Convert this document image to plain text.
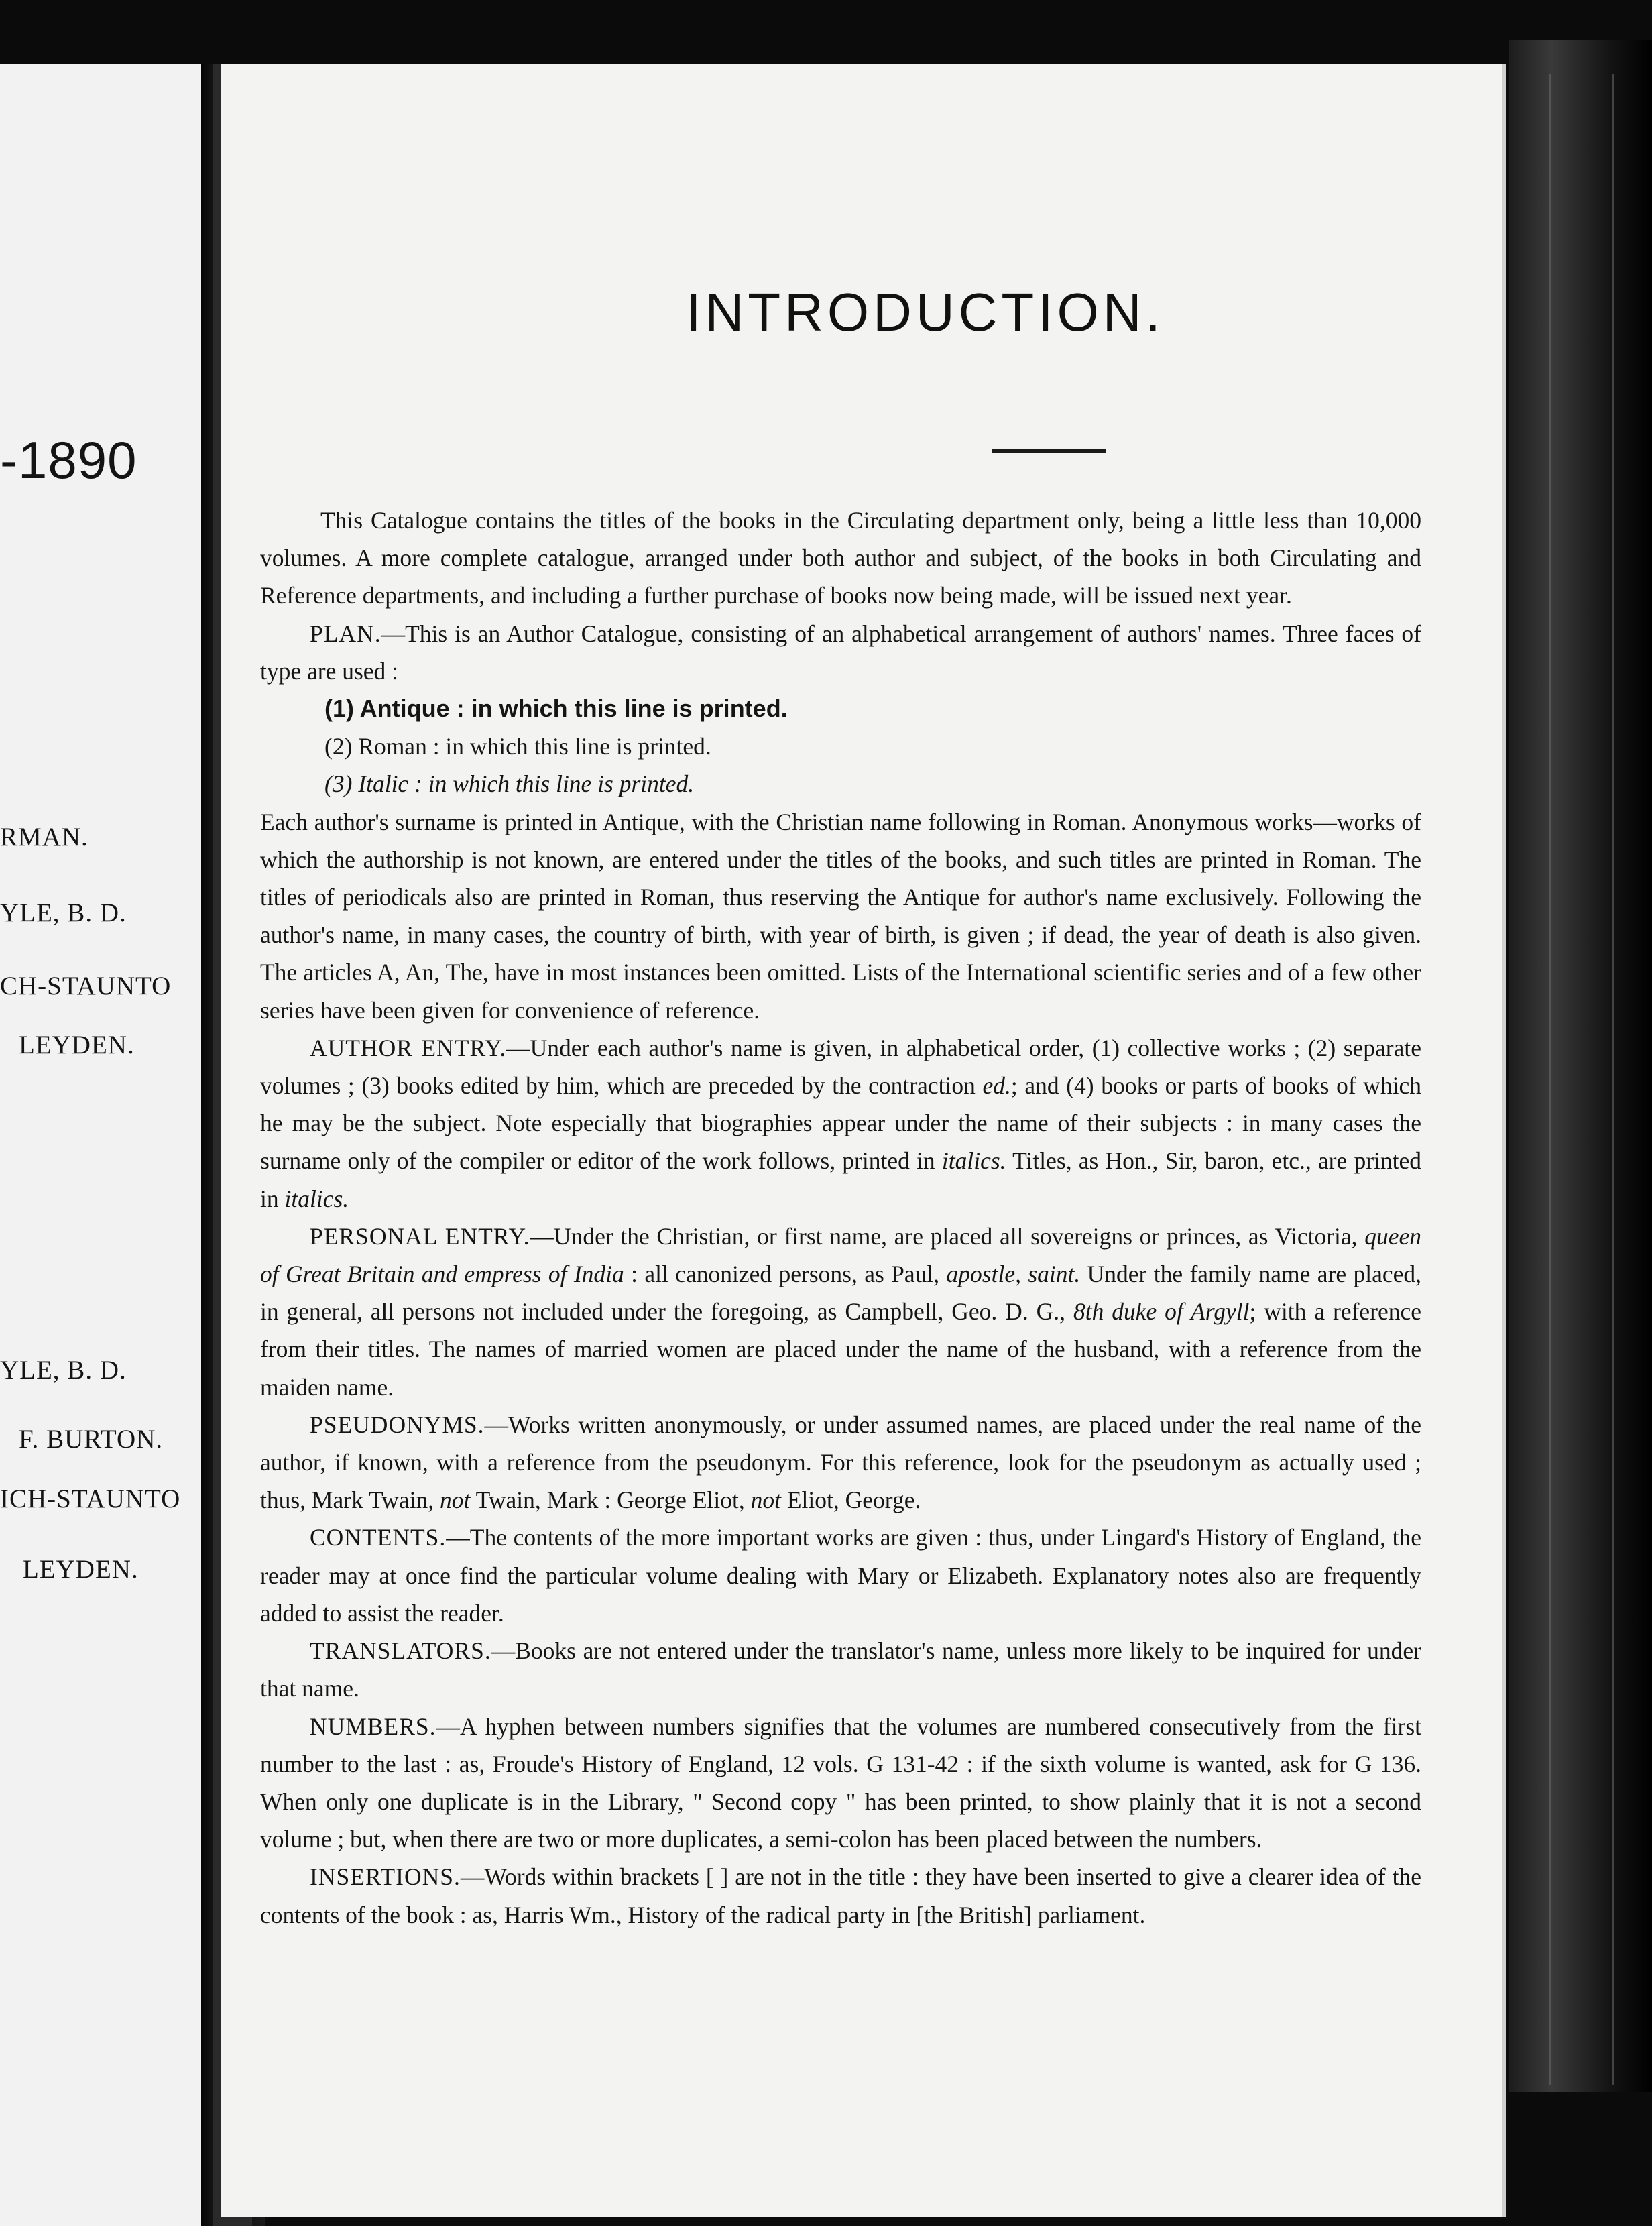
-1890
RMAN.
YLE, B. D.
CH-STAUNTO
LEYDEN.
YLE, B. D.
F. BURTON.
ICH-STAUNTO
LEYDEN.
INTRODUCTION.

This Catalogue contains the titles of the books in the Circulating department only, being a little less than 10,000 volumes. A more complete catalogue, arranged under both author and subject, of the books in both Circulating and Reference departments, and including a further purchase of books now being made, will be issued next year.

PLAN.—This is an Author Catalogue, consisting of an alphabetical arrangement of authors' names. Three faces of type are used :

(1) Antique : in which this line is printed.
(2) Roman : in which this line is printed.
(3) Italic : in which this line is printed.

Each author's surname is printed in Antique, with the Christian name following in Roman. Anonymous works—works of which the authorship is not known, are entered under the titles of the books, and such titles are printed in Roman. The titles of periodicals also are printed in Roman, thus reserving the Antique for author's name exclusively. Following the author's name, in many cases, the country of birth, with year of birth, is given ; if dead, the year of death is also given. The articles A, An, The, have in most instances been omitted. Lists of the International scientific series and of a few other series have been given for convenience of reference.

AUTHOR ENTRY.—Under each author's name is given, in alphabetical order, (1) collective works ; (2) separate volumes ; (3) books edited by him, which are preceded by the contraction ed.; and (4) books or parts of books of which he may be the subject. Note especially that biographies appear under the name of their subjects : in many cases the surname only of the compiler or editor of the work follows, printed in italics. Titles, as Hon., Sir, baron, etc., are printed in italics.

PERSONAL ENTRY.—Under the Christian, or first name, are placed all sovereigns or princes, as Victoria, queen of Great Britain and empress of India : all canonized persons, as Paul, apostle, saint. Under the family name are placed, in general, all persons not included under the foregoing, as Campbell, Geo. D. G., 8th duke of Argyll; with a reference from their titles. The names of married women are placed under the name of the husband, with a reference from the maiden name.

PSEUDONYMS.—Works written anonymously, or under assumed names, are placed under the real name of the author, if known, with a reference from the pseudonym. For this reference, look for the pseudonym as actually used ; thus, Mark Twain, not Twain, Mark : George Eliot, not Eliot, George.

CONTENTS.—The contents of the more important works are given : thus, under Lingard's History of England, the reader may at once find the particular volume dealing with Mary or Elizabeth. Explanatory notes also are frequently added to assist the reader.

TRANSLATORS.—Books are not entered under the translator's name, unless more likely to be inquired for under that name.

NUMBERS.—A hyphen between numbers signifies that the volumes are numbered consecutively from the first number to the last : as, Froude's History of England, 12 vols. G 131-42 : if the sixth volume is wanted, ask for G 136. When only one duplicate is in the Library, " Second copy " has been printed, to show plainly that it is not a second volume ; but, when there are two or more duplicates, a semi-colon has been placed between the numbers.

INSERTIONS.—Words within brackets [ ] are not in the title : they have been inserted to give a clearer idea of the contents of the book : as, Harris Wm., History of the radical party in [the British] parliament.
